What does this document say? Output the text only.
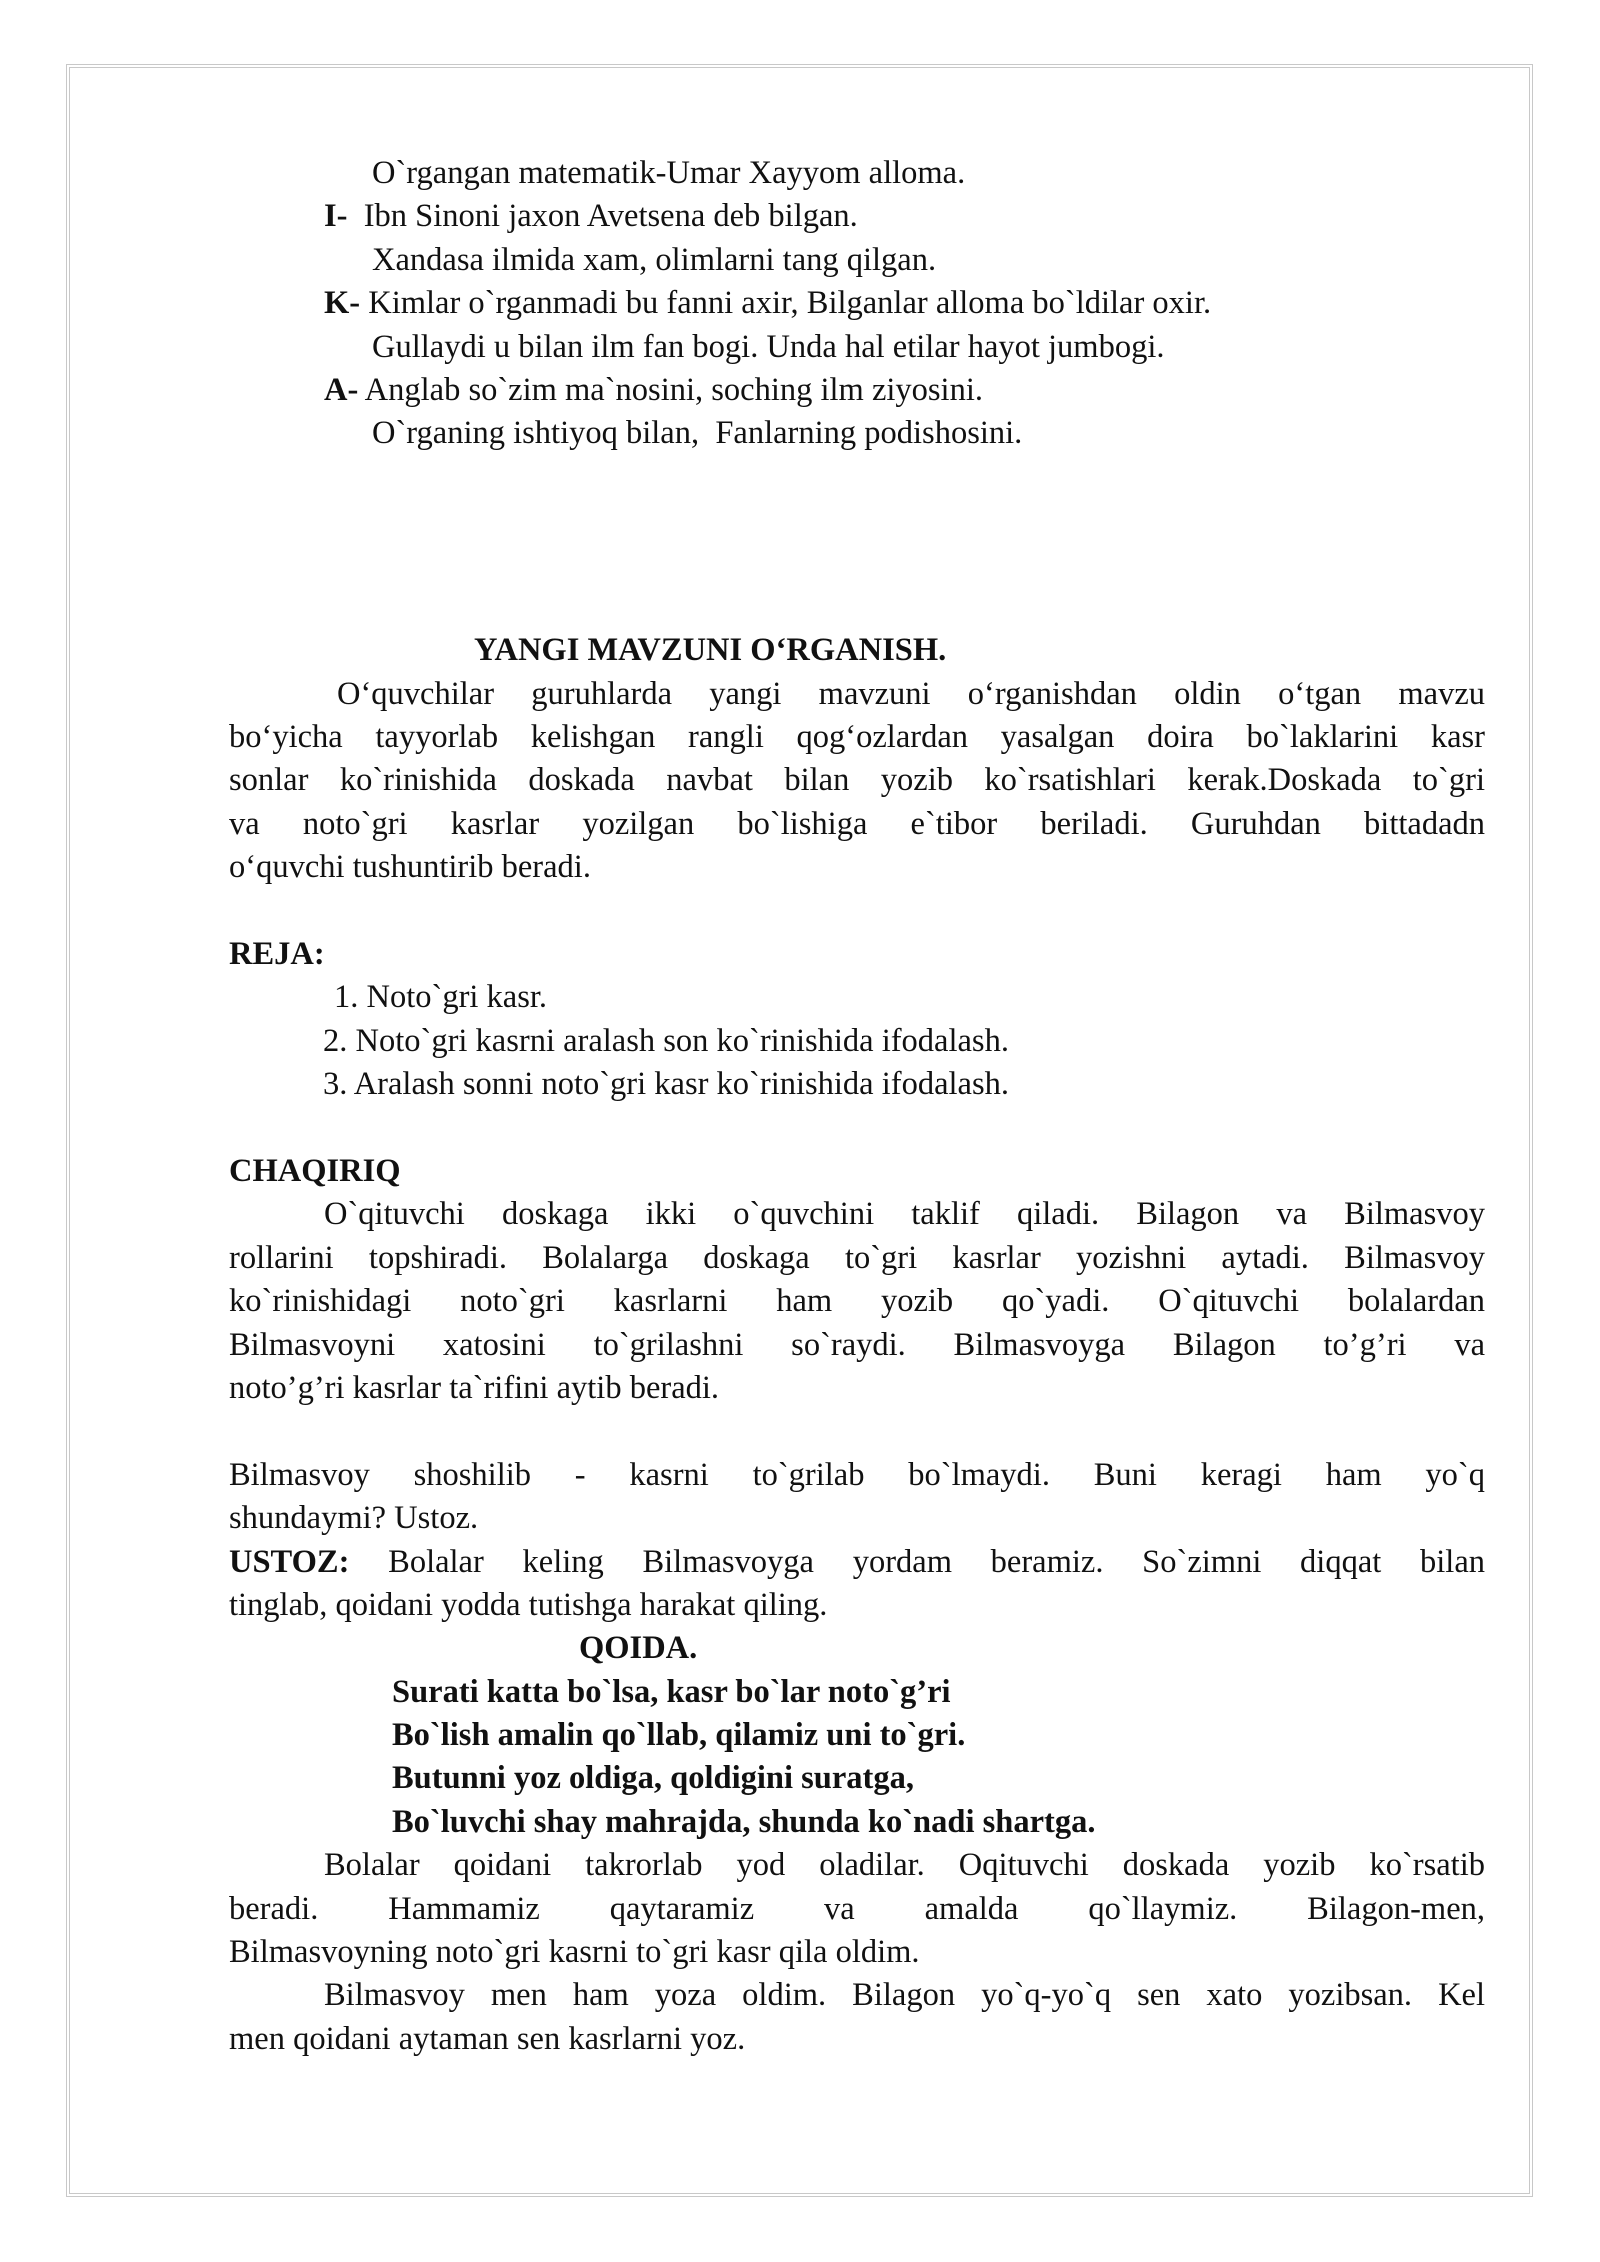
O`rgangan matematik-Umar Xayyom alloma.
I- Ibn Sinoni jaxon Avetsena deb bilgan.
Xandasa ilmida xam, olimlarni tang qilgan.
K- Kimlar o`rganmadi bu fanni axir, Bilganlar alloma bo`ldilar oxir.
Gullaydi u bilan ilm fan bogi. Unda hal etilar hayot jumbogi.
A- Anglab so`zim ma`nosini, soching ilm ziyosini.
O`rganing ishtiyoq bilan,  Fanlarning podishosini.
YANGI MAVZUNI O‘RGANISH.
O‘quvchilar guruhlarda yangi mavzuni o‘rganishdan oldin o‘tgan mavzu
bo‘yicha tayyorlab kelishgan rangli qog‘ozlardan yasalgan doira bo`laklarini kasr
sonlar ko`rinishida doskada navbat bilan yozib ko`rsatishlari kerak.Doskada to`gri
va noto`gri kasrlar yozilgan bo`lishiga e`tibor beriladi. Guruhdan bittadadn
o‘quvchi tushuntirib beradi.
REJA:
1. Noto`gri kasr.
2. Noto`gri kasrni aralash son ko`rinishida ifodalash.
3. Aralash sonni noto`gri kasr ko`rinishida ifodalash.
CHAQIRIQ
O`qituvchi doskaga ikki o`quvchini taklif qiladi. Bilagon va Bilmasvoy
rollarini topshiradi. Bolalarga doskaga to`gri kasrlar yozishni aytadi. Bilmasvoy
ko`rinishidagi noto`gri kasrlarni ham yozib qo`yadi. O`qituvchi bolalardan
Bilmasvoyni xatosini to`grilashni so`raydi. Bilmasvoyga Bilagon to’g’ri va
noto’g’ri kasrlar ta`rifini aytib beradi.
Bilmasvoy shoshilib - kasrni to`grilab bo`lmaydi. Buni keragi ham yo`q
shundaymi? Ustoz.
USTOZ: Bolalar keling Bilmasvoyga yordam beramiz. So`zimni diqqat bilan
tinglab, qoidani yodda tutishga harakat qiling.
QOIDA.
Surati katta bo`lsa, kasr bo`lar noto`g’ri
Bo`lish amalin qo`llab, qilamiz uni to`gri.
Butunni yoz oldiga, qoldigini suratga,
Bo`luvchi shay mahrajda, shunda ko`nadi shartga.
Bolalar qoidani takrorlab yod oladilar. Oqituvchi doskada yozib ko`rsatib
beradi. Hammamiz qaytaramiz va amalda qo`llaymiz. Bilagon-men,
Bilmasvoyning noto`gri kasrni to`gri kasr qila oldim.
Bilmasvoy men ham yoza oldim. Bilagon yo`q-yo`q sen xato yozibsan. Kel
men qoidani aytaman sen kasrlarni yoz.
